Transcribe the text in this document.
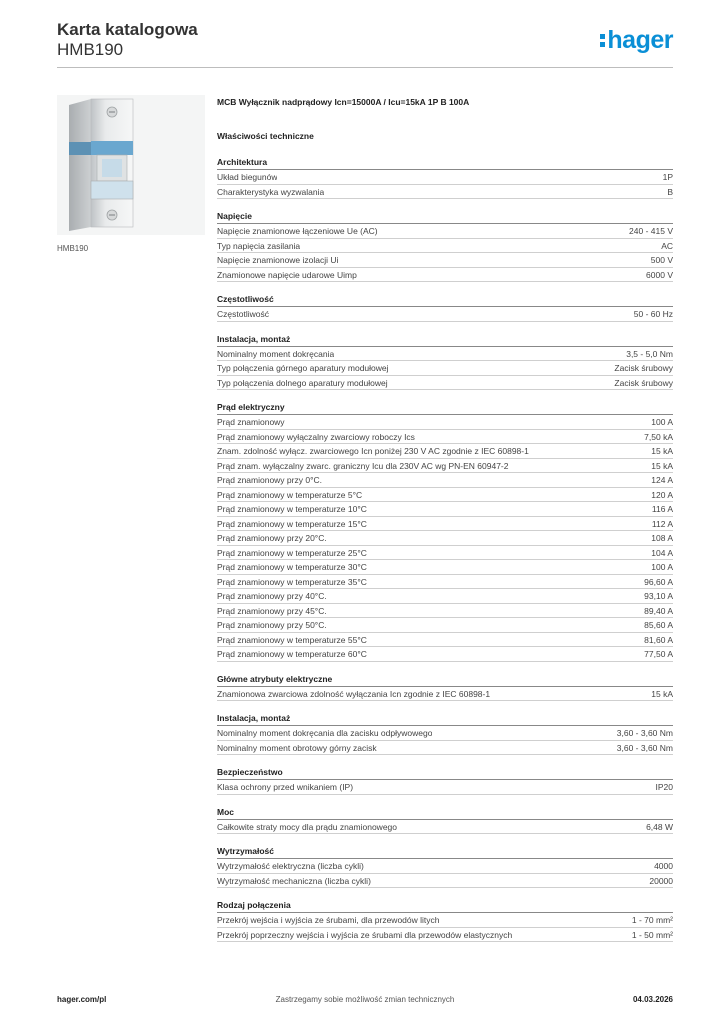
Karta katalogowa
HMB190	hager
HMB190
MCB Wyłącznik nadprądowy Icn=15000A / Icu=15kA 1P B 100A
Właściwości techniczne
Architektura
Układ biegunów	1P
Charakterystyka wyzwalania	B
Napięcie
Napięcie znamionowe łączeniowe Ue (AC)	240 - 415 V
Typ napięcia zasilania	AC
Napięcie znamionowe izolacji Ui	500 V
Znamionowe napięcie udarowe Uimp	6000 V
Częstotliwość
Częstotliwość	50 - 60 Hz
Instalacja, montaż
Nominalny moment dokręcania	3,5 - 5,0 Nm
Typ połączenia górnego aparatury modułowej	Zacisk śrubowy
Typ połączenia dolnego aparatury modułowej	Zacisk śrubowy
Prąd elektryczny
Prąd znamionowy	100 A
Prąd znamionowy wyłączalny zwarciowy roboczy Ics	7,50 kA
Znam. zdolność wyłącz. zwarciowego Icn poniżej 230 V AC zgodnie z IEC 60898-1	15 kA
Prąd znam. wyłączalny zwarc. graniczny Icu dla 230V AC wg PN-EN 60947-2	15 kA
Prąd znamionowy przy 0°C.	124 A
Prąd znamionowy w temperaturze 5°C	120 A
Prąd znamionowy w temperaturze 10°C	116 A
Prąd znamionowy w temperaturze 15°C	112 A
Prąd znamionowy przy 20°C.	108 A
Prąd znamionowy w temperaturze 25°C	104 A
Prąd znamionowy w temperaturze 30°C	100 A
Prąd znamionowy w temperaturze 35°C	96,60 A
Prąd znamionowy przy 40°C.	93,10 A
Prąd znamionowy przy 45°C.	89,40 A
Prąd znamionowy przy 50°C.	85,60 A
Prąd znamionowy w temperaturze 55°C	81,60 A
Prąd znamionowy w temperaturze 60°C	77,50 A
Główne atrybuty elektryczne
Znamionowa zwarciowa zdolność wyłączania Icn zgodnie z IEC 60898-1	15 kA
Instalacja, montaż
Nominalny moment dokręcania dla zacisku odpływowego	3,60 - 3,60 Nm
Nominalny moment obrotowy górny zacisk	3,60 - 3,60 Nm
Bezpieczeństwo
Klasa ochrony przed wnikaniem (IP)	IP20
Moc
Całkowite straty mocy dla prądu znamionowego	6,48 W
Wytrzymałość
Wytrzymałość elektryczna (liczba cykli)	4000
Wytrzymałość mechaniczna (liczba cykli)	20000
Rodzaj połączenia
Przekrój wejścia i wyjścia ze śrubami, dla przewodów litych	1 - 70 mm²
Przekrój poprzeczny wejścia i wyjścia ze śrubami dla przewodów elastycznych	1 - 50 mm²
Zastrzegamy sobie możliwość zmian technicznych
hager.com/pl	04.03.2026
